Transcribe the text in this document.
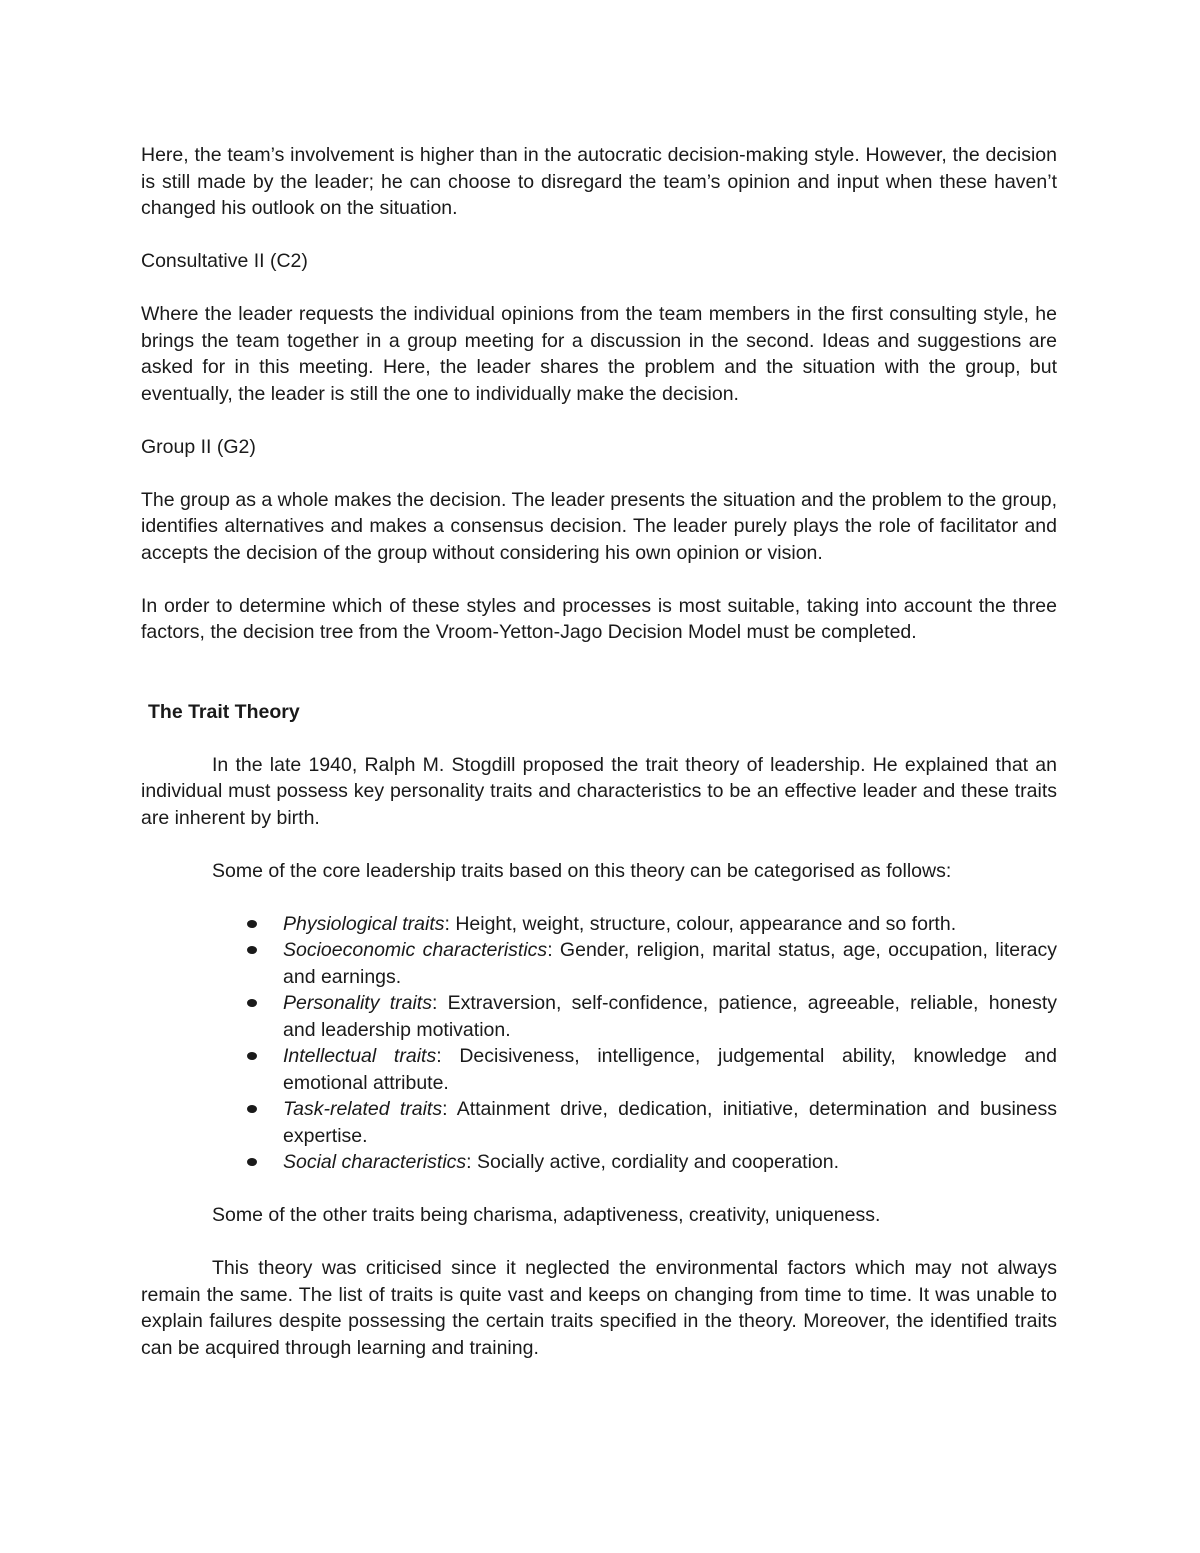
Here, the team’s involvement is higher than in the autocratic decision-making style. However, the decision is still made by the leader; he can choose to disregard the team’s opinion and input when these haven’t changed his outlook on the situation.

Consultative II (C2)

Where the leader requests the individual opinions from the team members in the first consulting style, he brings the team together in a group meeting for a discussion in the second. Ideas and suggestions are asked for in this meeting. Here, the leader shares the problem and the situation with the group, but eventually, the leader is still the one to individually make the decision.

Group II (G2)

The group as a whole makes the decision. The leader presents the situation and the problem to the group, identifies alternatives and makes a consensus decision. The leader purely plays the role of facilitator and accepts the decision of the group without considering his own opinion or vision.

In order to determine which of these styles and processes is most suitable, taking into account the three factors, the decision tree from the Vroom-Yetton-Jago Decision Model must be completed.

The Trait Theory

In the late 1940, Ralph M. Stogdill proposed the trait theory of leadership. He explained that an individual must possess key personality traits and characteristics to be an effective leader and these traits are inherent by birth.

Some of the core leadership traits based on this theory can be categorised as follows:

Physiological traits: Height, weight, structure, colour, appearance and so forth.
Socioeconomic characteristics: Gender, religion, marital status, age, occupation, literacy and earnings.
Personality traits: Extraversion, self-confidence, patience, agreeable, reliable, honesty and leadership motivation.
Intellectual traits: Decisiveness, intelligence, judgemental ability, knowledge and emotional attribute.
Task-related traits: Attainment drive, dedication, initiative, determination and business expertise.
Social characteristics: Socially active, cordiality and cooperation.

Some of the other traits being charisma, adaptiveness, creativity, uniqueness.

This theory was criticised since it neglected the environmental factors which may not always remain the same. The list of traits is quite vast and keeps on changing from time to time. It was unable to explain failures despite possessing the certain traits specified in the theory. Moreover, the identified traits can be acquired through learning and training.
